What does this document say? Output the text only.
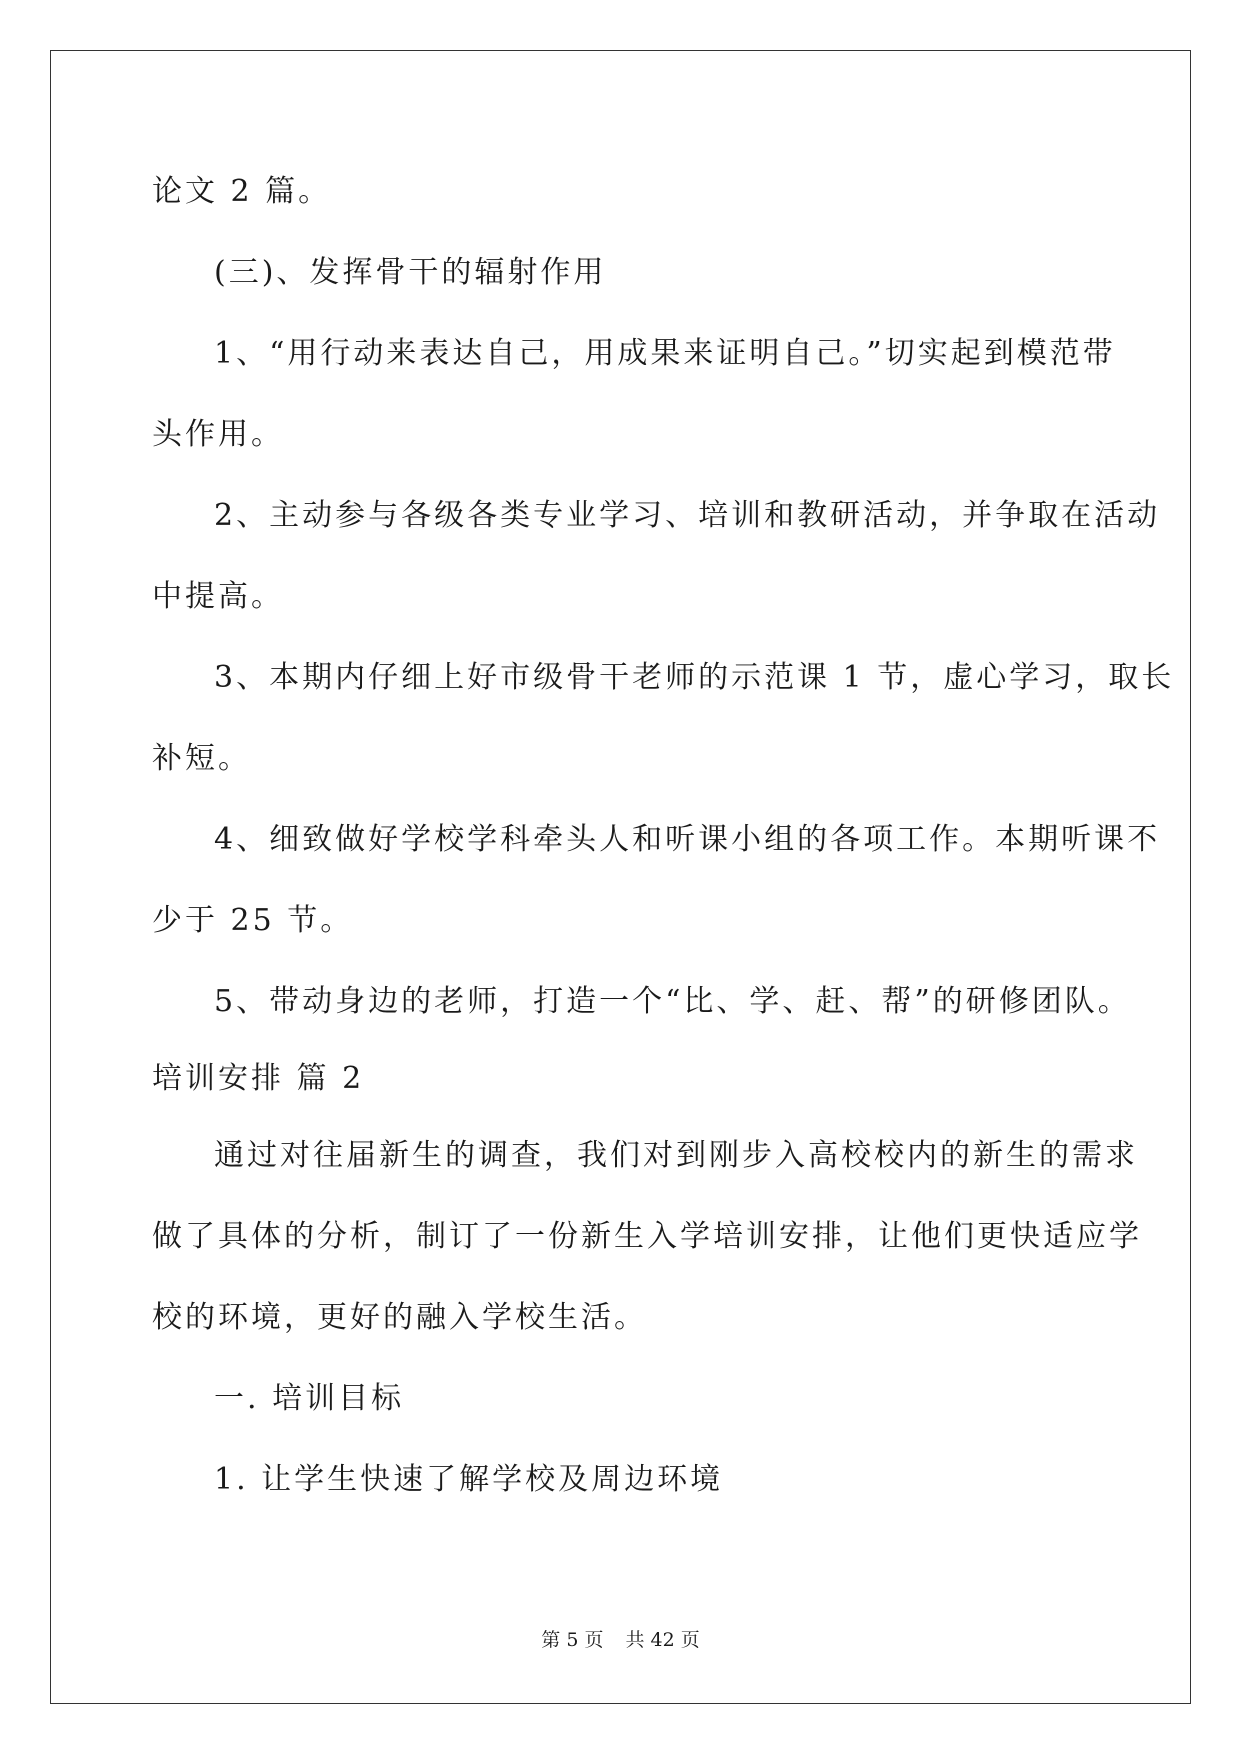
论文 2 篇。
(三)、发挥骨干的辐射作用
1、“用行动来表达自己，用成果来证明自己。”切实起到模范带
头作用。
2、主动参与各级各类专业学习、培训和教研活动，并争取在活动
中提高。
3、本期内仔细上好市级骨干老师的示范课 1 节，虚心学习，取长
补短。
4、细致做好学校学科牵头人和听课小组的各项工作。本期听课不
少于 25 节。
5、带动身边的老师，打造一个“比、学、赶、帮”的研修团队。
培训安排 篇 2
通过对往届新生的调查，我们对到刚步入高校校内的新生的需求
做了具体的分析，制订了一份新生入学培训安排，让他们更快适应学
校的环境，更好的融入学校生活。
一. 培训目标
1. 让学生快速了解学校及周边环境
第 5 页 共 42 页
